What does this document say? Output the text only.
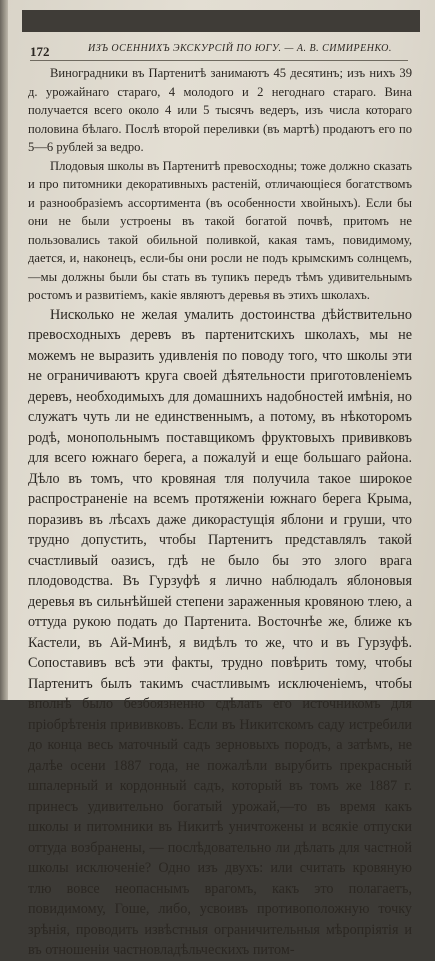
172	ИЗЪ ОСЕННИХЪ ЭКСКУРСІЙ ПО ЮГУ. — А. В. СИМИРЕНКО.

Виноградники въ Партенитѣ занимаютъ 45 десятинъ; изъ нихъ 39 д. урожайнаго стараго, 4 молодого и 2 негоднаго стараго. Вина получается всего около 4 или 5 тысячъ ведеръ, изъ числа котораго половина бѣлаго. Послѣ второй переливки (въ мартѣ) продаютъ его по 5—6 рублей за ведро.

Плодовыя школы въ Партенитѣ превосходны; тоже должно сказать и про питомники декоративныхъ растеній, отличающіеся богатствомъ и разнообразіемъ ассортимента (въ особенности хвойныхъ). Если бы они не были устроены въ такой богатой почвѣ, притомъ не пользовались такой обильной поливкой, какая тамъ, повидимому, дается, и, наконецъ, если-бы они росли не подъ крымскимъ солнцемъ,—мы должны были бы стать въ тупикъ передъ тѣмъ удивительнымъ ростомъ и развитіемъ, какіе являютъ деревья въ этихъ школахъ.

Нисколько не желая умалить достоинства дѣйствительно превосходныхъ деревъ въ партенитскихъ школахъ, мы не можемъ не выразить удивленія по поводу того, что школы эти не ограничиваютъ круга своей дѣятельности приготовленіемъ деревъ, необходимыхъ для домашнихъ надобностей имѣнія, но служатъ чуть ли не единственнымъ, а потому, въ нѣкоторомъ родѣ, монопольнымъ поставщикомъ фруктовыхъ прививковъ для всего южнаго берега, а пожалуй и еще большаго района. Дѣло въ томъ, что кровяная тля получила такое широкое распространеніе на всемъ протяженіи южнаго берега Крыма, поразивъ въ лѣсахъ даже дикорастущія яблони и груши, что трудно допустить, чтобы Партенитъ представлялъ такой счастливый оазисъ, гдѣ не было бы это злого врага плодоводства. Въ Гурзуфѣ я лично наблюдалъ яблоновыя деревья въ сильнѣйшей степени зараженныя кровяною тлею, а оттуда рукою подать до Партенита. Восточнѣе же, ближе къ Кастели, въ Ай-Минѣ, я видѣлъ то же, что и въ Гурзуфѣ. Сопоставивъ всѣ эти факты, трудно повѣрить тому, чтобы Партенитъ былъ такимъ счастливымъ исключеніемъ, чтобы вполнѣ было безбоязненно сдѣлать его источникомъ для пріобрѣтенія прививковъ. Если въ Никитскомъ саду истребили до конца весь маточный садъ зерновыхъ породъ, а затѣмъ, не далѣе осени 1887 года, не пожалѣли вырубить прекрасный шпалерный и кордонный садъ, который въ томъ же 1887 г. принесъ удивительно богатый урожай,—то въ время какъ школы и питомники въ Никитѣ уничтожены и всякіе отпуски оттуда возбранены, — послѣдовательно ли дѣлать для частной школы исключеніе? Одно изъ двухъ: или считать кровяную тлю вовсе неопаснымъ врагомъ, какъ это полагаетъ, повидимому, Гоше, либо, усвоивъ противоположную точку зрѣнія, проводить извѣстныя ограничительныя мѣропріятія и въ отношеніи частновладѣльческихъ питом-
